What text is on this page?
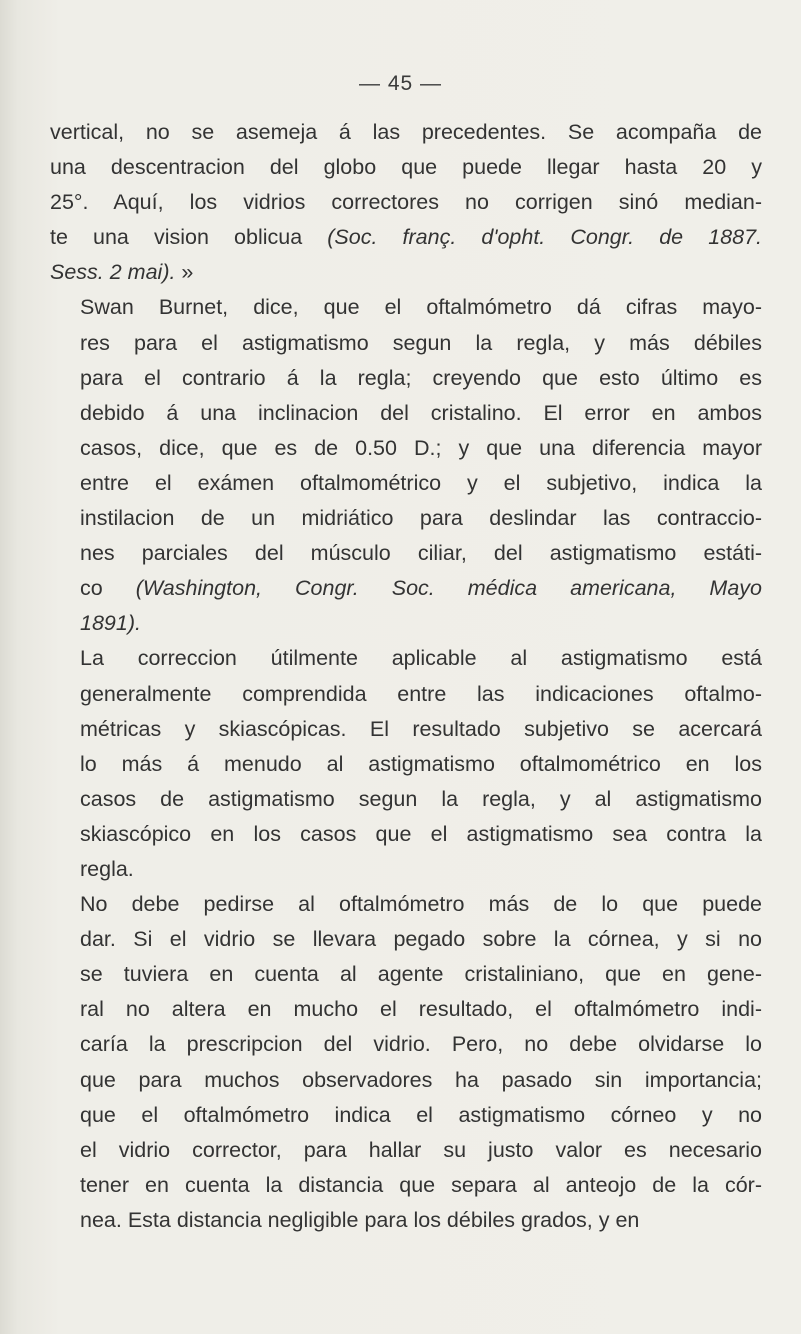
— 45 —
vertical, no se asemeja á las precedentes. Se acompaña de
una descentracion del globo que puede llegar hasta 20 y
25°. Aquí, los vidrios correctores no corrigen sinó median-
te una vision oblicua (Soc. franç. d'opht. Congr. de 1887.
Sess. 2 mai). »
Swan Burnet, dice, que el oftalmómetro dá cifras mayo-
res para el astigmatismo segun la regla, y más débiles
para el contrario á la regla; creyendo que esto último es
debido á una inclinacion del cristalino. El error en ambos
casos, dice, que es de 0.50 D.; y que una diferencia mayor
entre el exámen oftalmométrico y el subjetivo, indica la
instilacion de un midriático para deslindar las contraccio-
nes parciales del músculo ciliar, del astigmatismo estáti-
co (Washington, Congr. Soc. médica americana, Mayo
1891).
La correccion útilmente aplicable al astigmatismo está
generalmente comprendida entre las indicaciones oftalmo-
métricas y skiascópicas. El resultado subjetivo se acercará
lo más á menudo al astigmatismo oftalmométrico en los
casos de astigmatismo segun la regla, y al astigmatismo
skiascópico en los casos que el astigmatismo sea contra la
regla.
No debe pedirse al oftalmómetro más de lo que puede
dar. Si el vidrio se llevara pegado sobre la córnea, y si no
se tuviera en cuenta al agente cristaliniano, que en gene-
ral no altera en mucho el resultado, el oftalmómetro indi-
caría la prescripcion del vidrio. Pero, no debe olvidarse lo
que para muchos observadores ha pasado sin importancia;
que el oftalmómetro indica el astigmatismo córneo y no
el vidrio corrector, para hallar su justo valor es necesario
tener en cuenta la distancia que separa al anteojo de la cór-
nea. Esta distancia negligible para los débiles grados, y en
